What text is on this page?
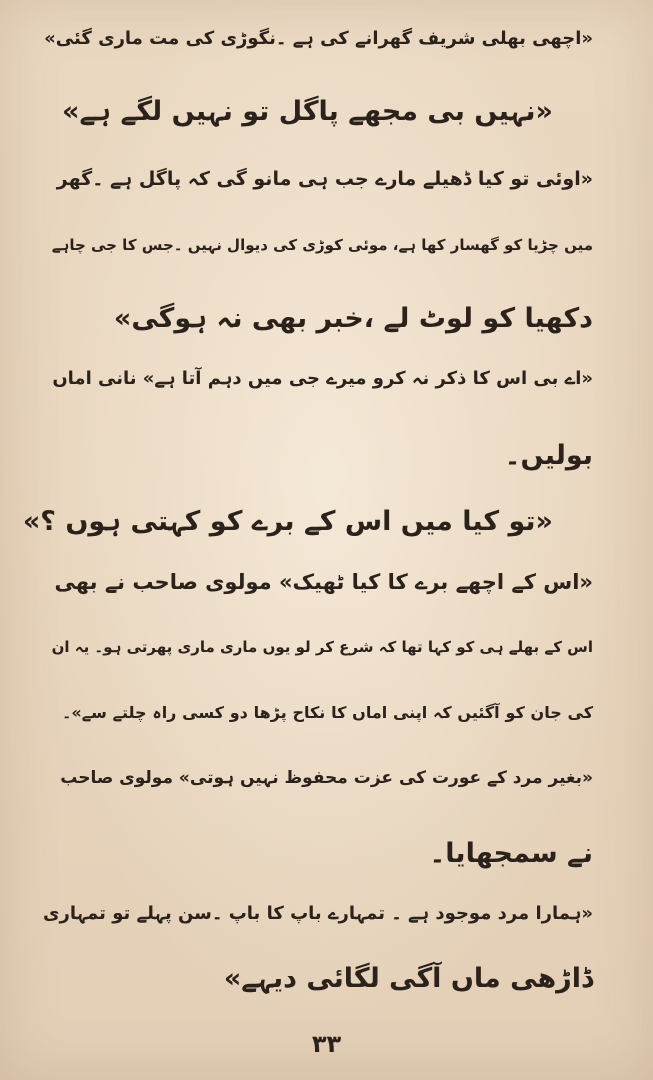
«اچھی بھلی شریف گھرانے کی ہے ۔نگوڑی کی مت ماری گئی»
«نہیں بی مجھے پاگل تو نہیں لگے ہے»
«اوئی تو کیا ڈھیلے مارے جب ہی مانو گی کہ پاگل ہے ۔گھر
میں چڑیا کو گھسار کھا ہے، موئی کوڑی کی دیوال نہیں ۔جس کا جی چاہے
دکھیا کو لوٹ لے ،خبر بھی نہ ہوگی»
«اے بی اس کا ذکر نہ کرو میرے جی میں دہم آتا ہے» نانی اماں
بولیں۔
«تو کیا میں اس کے برے کو کہتی ہوں ؟»
«اس کے اچھے برے کا کیا ٹھیک» مولوی صاحب نے بھی
اس کے بھلے ہی کو کہا تھا کہ شرع کر لو یوں ماری ماری پھرتی ہو۔ یہ ان
کی جان کو آگئیں کہ اپنی اماں کا نکاح پڑھا دو کسی راہ چلتے سے»۔
«بغیر مرد کے عورت کی عزت محفوظ نہیں ہوتی» مولوی صاحب
نے سمجھایا۔
«ہمارا مرد موجود ہے ۔ تمہارے باپ کا باپ ۔سن پہلے تو تمہاری
ڈاڑھی ماں آگی لگائی دیہے»
۳۳
